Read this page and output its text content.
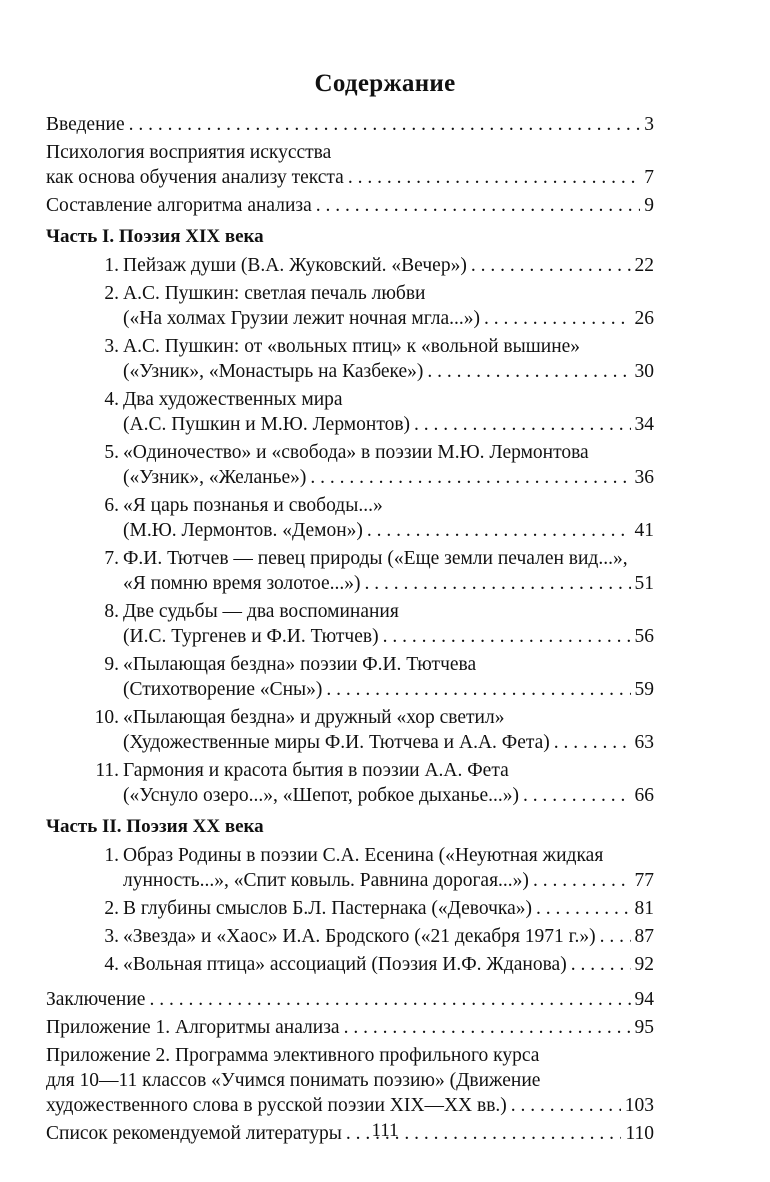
Содержание
Введение . . .	3
Психология восприятия искусства
как основа обучения анализу текста . . .	7
Составление алгоритма анализа . . .	9
Часть I. Поэзия XIX века
1. Пейзаж души (В.А. Жуковский. «Вечер») . . .	22
2. А.С. Пушкин: светлая печаль любви
(«На холмах Грузии лежит ночная мгла...») . . .	26
3. А.С. Пушкин: от «вольных птиц» к «вольной вышине»
(«Узник», «Монастырь на Казбеке») . . .	30
4. Два художественных мира
(А.С. Пушкин и М.Ю. Лермонтов) . . .	34
5. «Одиночество» и «свобода» в поэзии М.Ю. Лермонтова
(«Узник», «Желанье») . . .	36
6. «Я царь познанья и свободы...»
(М.Ю. Лермонтов. «Демон») . . .	41
7. Ф.И. Тютчев — певец природы («Еще земли печален вид...»,
«Я помню время золотое...») . . .	51
8. Две судьбы — два воспоминания
(И.С. Тургенев и Ф.И. Тютчев) . . .	56
9. «Пылающая бездна» поэзии Ф.И. Тютчева
(Стихотворение «Сны») . . .	59
10. «Пылающая бездна» и дружный «хор светил»
(Художественные миры Ф.И. Тютчева и А.А. Фета) . . .	63
11. Гармония и красота бытия в поэзии А.А. Фета
(«Уснуло озеро...», «Шепот, робкое дыханье...») . . .	66
Часть II. Поэзия XX века
1. Образ Родины в поэзии С.А. Есенина («Неуютная жидкая
лунность...», «Спит ковыль. Равнина дорогая...») . . .	77
2. В глубины смыслов Б.Л. Пастернака («Девочка») . . .	81
3. «Звезда» и «Хаос» И.А. Бродского («21 декабря 1971 г.») . . . 87
4. «Вольная птица» ассоциаций (Поэзия И.Ф. Жданова) . . .	92
Заключение . . .	94
Приложение 1. Алгоритмы анализа . . .	95
Приложение 2. Программа элективного профильного курса
для 10—11 классов «Учимся понимать поэзию» (Движение
художественного слова в русской поэзии XIX—XX вв.) . . .	103
Список рекомендуемой литературы . . .	110
111
